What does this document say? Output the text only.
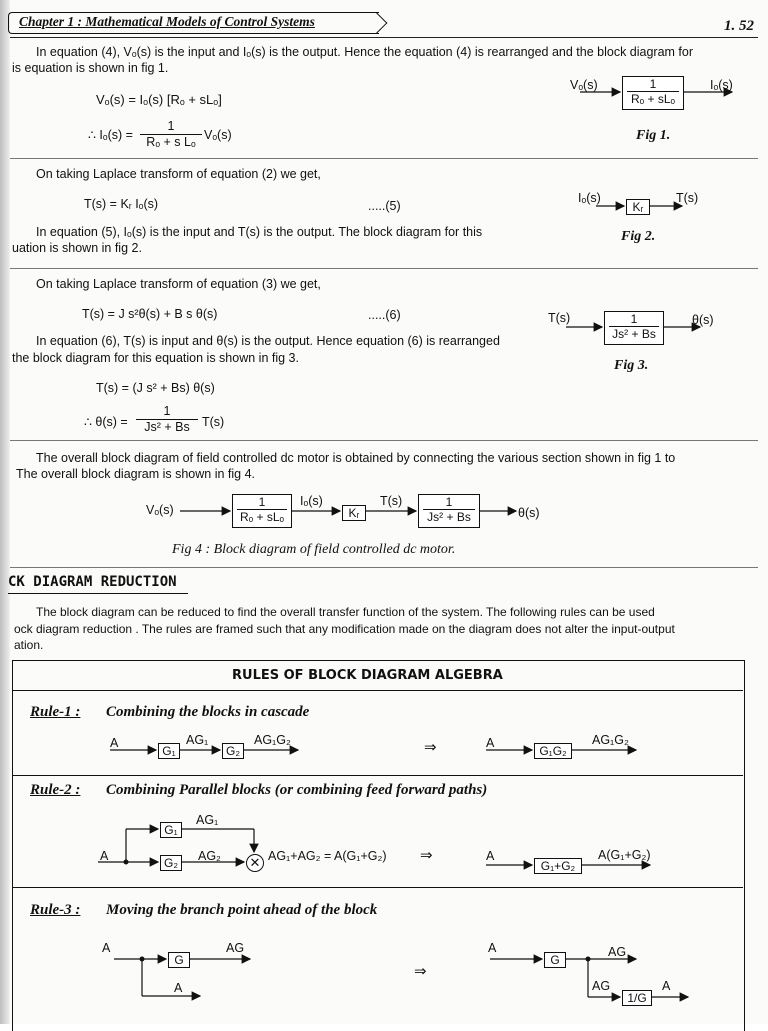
Chapter 1 : Mathematical Models of Control Systems	1. 52
In equation (4), Vₒ(s) is the input and Iₒ(s) is the output. Hence the equation (4) is rearranged and the block diagram for
is equation is shown in fig 1.
Vₒ(s) = Iₒ(s) [Rₒ + sLₒ]
∴ $I_o(s) = \frac{1}{\text{Rₒ + s Lₒ}} V_o(s)$
Vₒ(s)	1
Rₒ + sLₒ
Iₒ(s)
Fig 1.
On taking Laplace transform of equation (2) we get,
T(s) = Kᵣ Iₒ(s)	.....(5)
In equation (5), Iₒ(s) is the input and T(s) is the output. The block diagram for this
uation is shown in fig 2.
Iₒ(s)
Kᵣ
T(s)
Fig 2.
On taking Laplace transform of equation (3) we get,
T(s) = J s²θ(s) + B s θ(s)	.....(6)
In equation (6), T(s) is input and θ(s) is the output. Hence equation (6) is rearranged
the block diagram for this equation is shown in fig 3.
T(s) = (J s² + Bs) θ(s)
∴ $\theta(s) = \frac{1}{\text{Js² + Bs}} T(s)$
T(s)	$\frac{1}{\text{Js² + Bs}} \theta(s)$
Fig 3.
The overall block diagram of field controlled dc motor is obtained by connecting the various section shown in fig 1 to
The overall block diagram is shown in fig 4.
Vₒ(s)
1
Rₒ + sLₒ
Iₒ(s)
Kᵣ
$T(s) \frac{1}{\text{Js² + Bs}}$	θ(s)
Fig 4 : Block diagram of field controlled dc motor.
CK DIAGRAM REDUCTION
The block diagram can be reduced to find the overall transfer function of the system. The following rules can be used
ock diagram reduction . The rules are framed such that any modification made on the diagram does not alter the input-output
ation.
RULES OF BLOCK DIAGRAM ALGEBRA
Rule-1 : Combining the blocks in cascade
A
G₁
AG₁
G₂
AG₁G₂	⇒	A
G₁G₂
AG₁G₂
Rule-2 : Combining Parallel blocks (or combining feed forward paths)
G₁
AG₁
A	G₂	AG₂ ✕ AG₁+AG₂ = A(G₁+G₂) ⇒	A
G₁+G₂
A(G₁+G₂)
Rule-3 : Moving the branch point ahead of the block
A
G
AG
A
⇒
A
G
AG
AG
1/G
A
